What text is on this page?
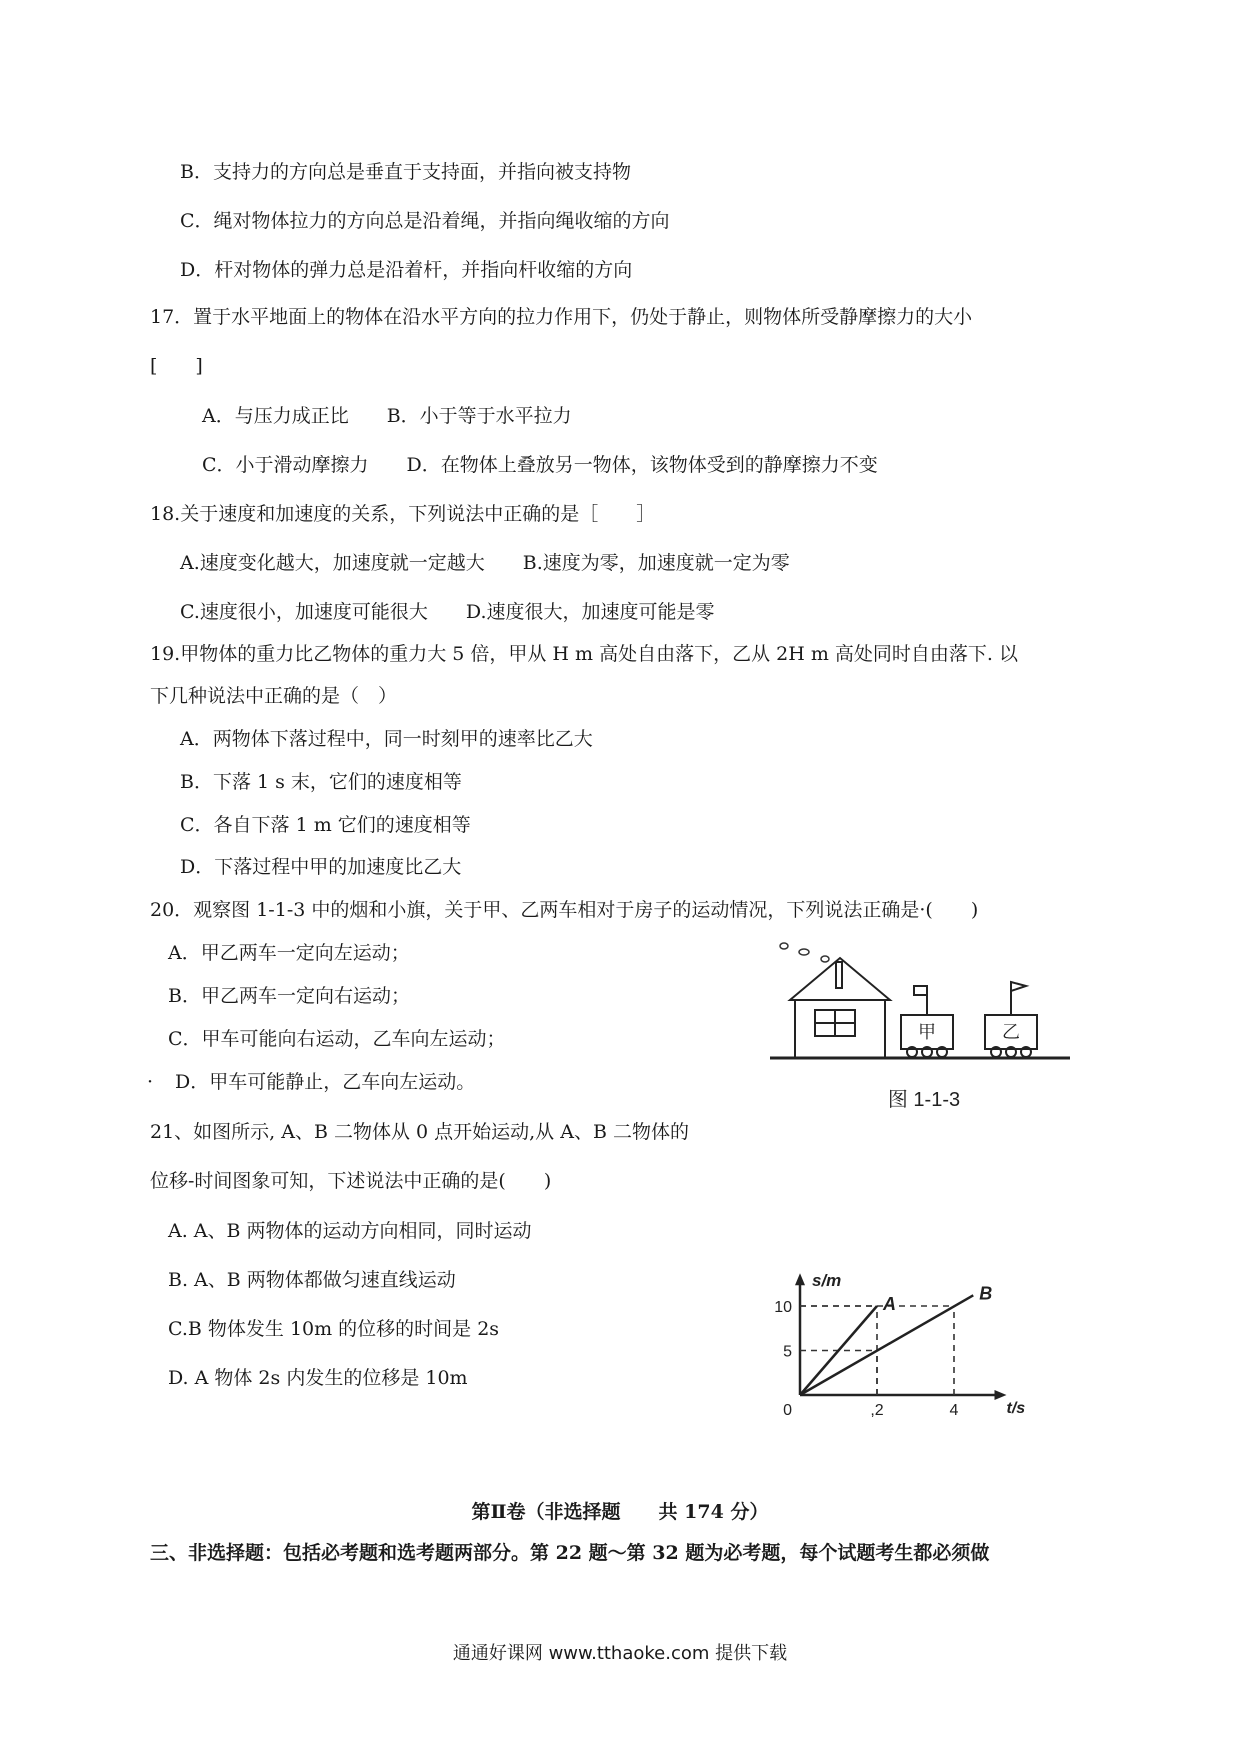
B．支持力的方向总是垂直于支持面，并指向被支持物
C．绳对物体拉力的方向总是沿着绳，并指向绳收缩的方向
D．杆对物体的弹力总是沿着杆，并指向杆收缩的方向
17．置于水平地面上的物体在沿水平方向的拉力作用下，仍处于静止，则物体所受静摩擦力的大小
[　　]
A．与压力成正比　　B．小于等于水平拉力
C．小于滑动摩擦力　　D．在物体上叠放另一物体，该物体受到的静摩擦力不变
18.关于速度和加速度的关系，下列说法中正确的是［　　］
A.速度变化越大，加速度就一定越大　　B.速度为零，加速度就一定为零
C.速度很小，加速度可能很大　　D.速度很大，加速度可能是零
19.甲物体的重力比乙物体的重力大 5 倍，甲从 H m 高处自由落下，乙从 2H m 高处同时自由落下. 以
下几种说法中正确的是（　）
A．两物体下落过程中，同一时刻甲的速率比乙大
B．下落 1 s 末，它们的速度相等
C．各自下落 1 m 它们的速度相等
D．下落过程中甲的加速度比乙大
20．观察图 1-1-3 中的烟和小旗，关于甲、乙两车相对于房子的运动情况，下列说法正确是·(　　)
A．甲乙两车一定向左运动；
B．甲乙两车一定向右运动；
C．甲车可能向右运动，乙车向左运动；
· D．甲车可能静止，乙车向左运动。
甲	乙
图 1-1-3
21、如图所示, A、B 二物体从 0 点开始运动,从 A、B 二物体的
位移-时间图象可知，下述说法中正确的是(　　)
A. A、B 两物体的运动方向相同，同时运动
B. A、B 两物体都做匀速直线运动
C.B 物体发生 10m 的位移的时间是 2s
D. A 物体 2s 内发生的位移是 10m
A
B
,2	4
5
10
0
s/m
t/s
第Ⅱ卷（非选择题　　共 174 分）
三、非选择题：包括必考题和选考题两部分。第 22 题～第 32 题为必考题，每个试题考生都必须做
通通好课网 www.tthaoke.com 提供下载
